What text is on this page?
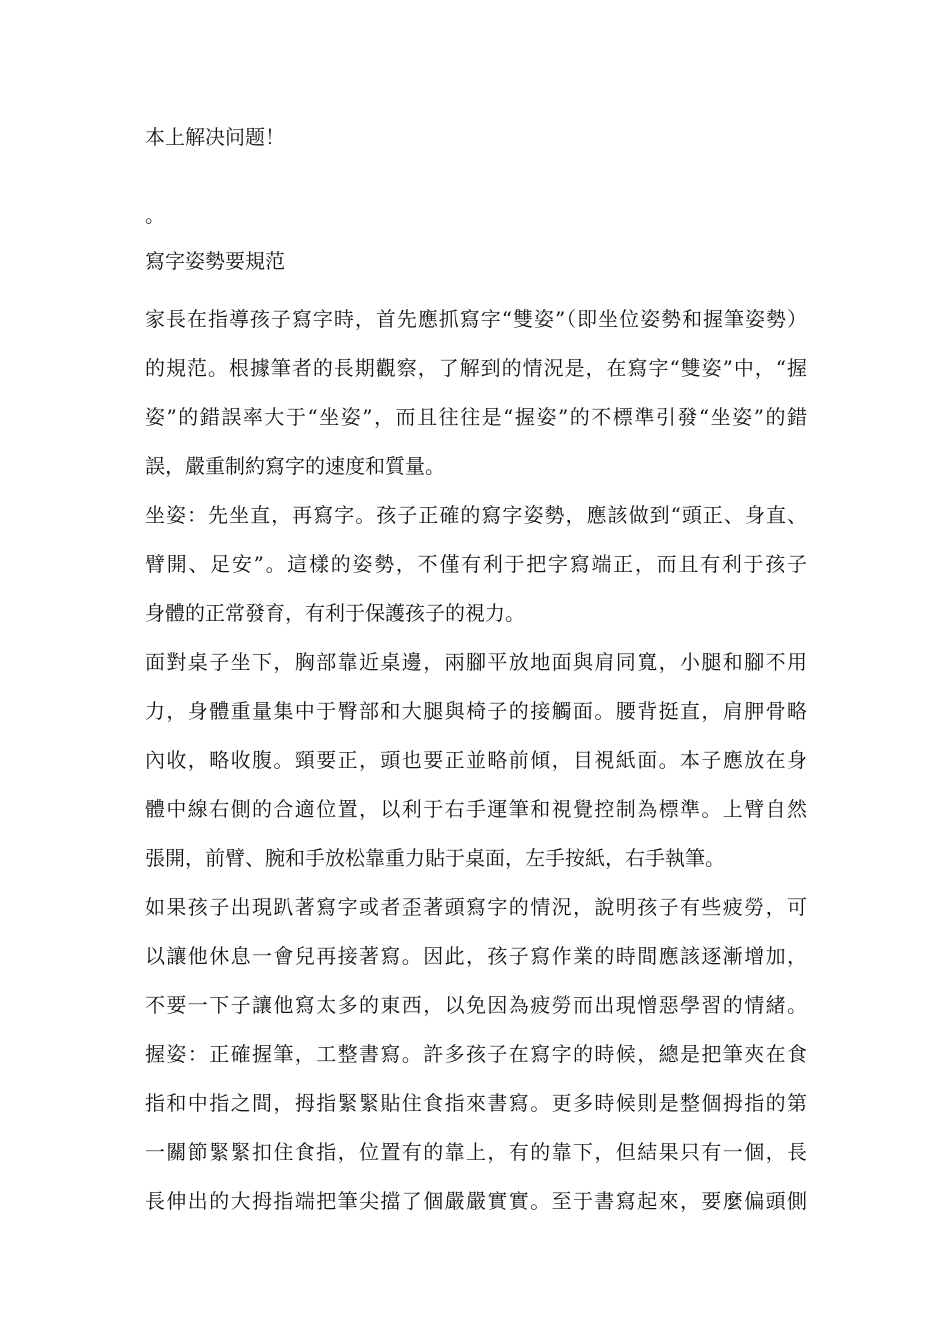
本上解决问题！
。
寫字姿勢要規范
家長在指導孩子寫字時，首先應抓寫字“雙姿”（即坐位姿勢和握筆姿勢）
的規范。根據筆者的長期觀察，了解到的情況是，在寫字“雙姿”中，“握
姿”的錯誤率大于“坐姿”，而且往往是“握姿”的不標準引發“坐姿”的錯
誤，嚴重制約寫字的速度和質量。
坐姿：先坐直，再寫字。孩子正確的寫字姿勢，應該做到“頭正、身直、
臂開、足安”。這樣的姿勢，不僅有利于把字寫端正，而且有利于孩子
身體的正常發育，有利于保護孩子的視力。
面對桌子坐下，胸部靠近桌邊，兩腳平放地面與肩同寬，小腿和腳不用
力，身體重量集中于臀部和大腿與椅子的接觸面。腰背挺直，肩胛骨略
內收，略收腹。頸要正，頭也要正並略前傾，目視紙面。本子應放在身
體中線右側的合適位置，以利于右手運筆和視覺控制為標準。上臂自然
張開，前臂、腕和手放松靠重力貼于桌面，左手按紙，右手執筆。
如果孩子出現趴著寫字或者歪著頭寫字的情況，說明孩子有些疲勞，可
以讓他休息一會兒再接著寫。因此，孩子寫作業的時間應該逐漸增加，
不要一下子讓他寫太多的東西，以免因為疲勞而出現憎惡學習的情緒。
握姿：正確握筆，工整書寫。許多孩子在寫字的時候，總是把筆夾在食
指和中指之間，拇指緊緊貼住食指來書寫。更多時候則是整個拇指的第
一關節緊緊扣住食指，位置有的靠上，有的靠下，但結果只有一個，長
長伸出的大拇指端把筆尖擋了個嚴嚴實實。至于書寫起來，要麼偏頭側
